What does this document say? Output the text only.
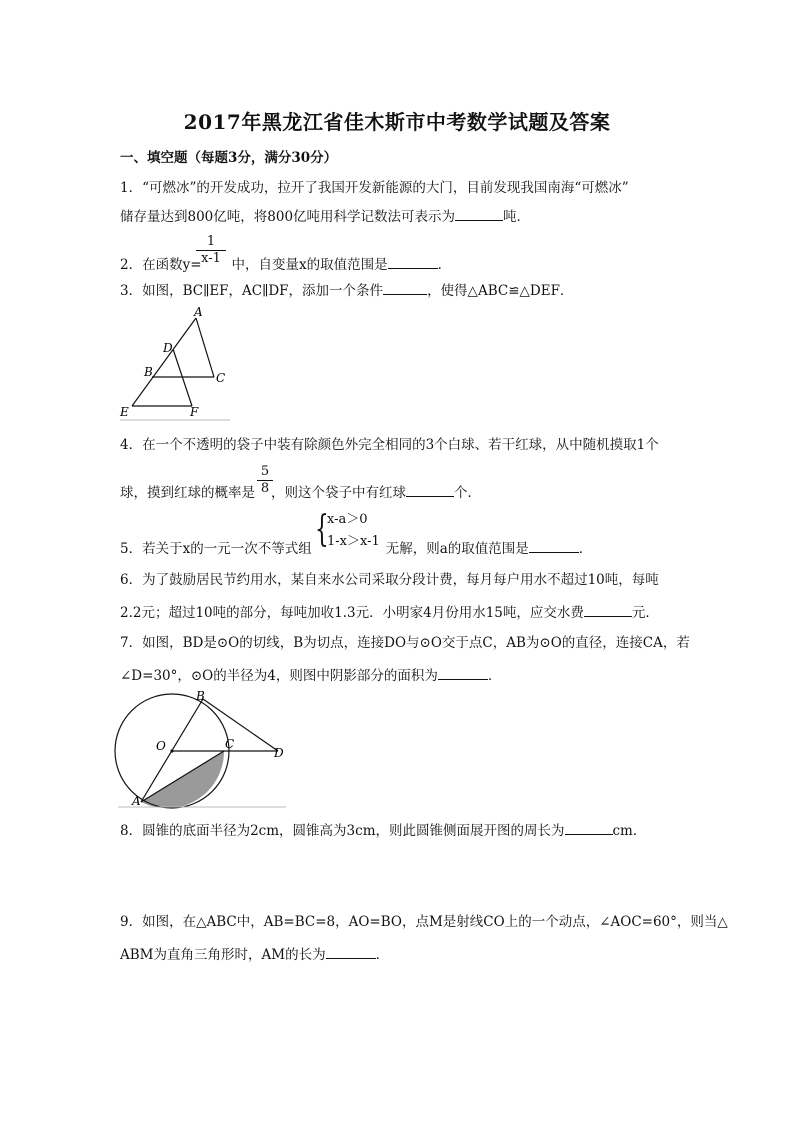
2017年黑龙江省佳木斯市中考数学试题及答案
一、填空题（每题3分，满分30分）
1．“可燃冰”的开发成功，拉开了我国开发新能源的大门，目前发现我国南海“可燃冰”
储存量达到800亿吨，将800亿吨用科学记数法可表示为	吨．
2．在函数y= 中，自变量x的取值范围是	．
$\frac{1}{x-1}$
3．如图，BC∥EF，AC∥DF，添加一个条件	，使得△ABC≌△DEF．
A
D
B	C
E	F
4．在一个不透明的袋子中装有除颜色外完全相同的3个白球、若干红球，从中随机摸取1个
球，摸到红球的概率是 ，则这个袋子中有红球	个．
$\frac{5}{8}$
5．若关于x的一元一次不等式组	无解，则a的取值范围是	．
{
x-a＞0
1-x＞x-1
6．为了鼓励居民节约用水，某自来水公司采取分段计费，每月每户用水不超过10吨，每吨
2.2元；超过10吨的部分，每吨加收1.3元．小明家4月份用水15吨，应交水费	元．
7．如图，BD是⊙O的切线，B为切点，连接DO与⊙O交于点C，AB为⊙O的直径，连接CA，若
∠D=30°，⊙O的半径为4，则图中阴影部分的面积为	．
B
O	C
D
A
8．圆锥的底面半径为2cm，圆锥高为3cm，则此圆锥侧面展开图的周长为	cm．
9．如图，在△ABC中，AB=BC=8，AO=BO，点M是射线CO上的一个动点，∠AOC=60°，则当△
ABM为直角三角形时，AM的长为	．
